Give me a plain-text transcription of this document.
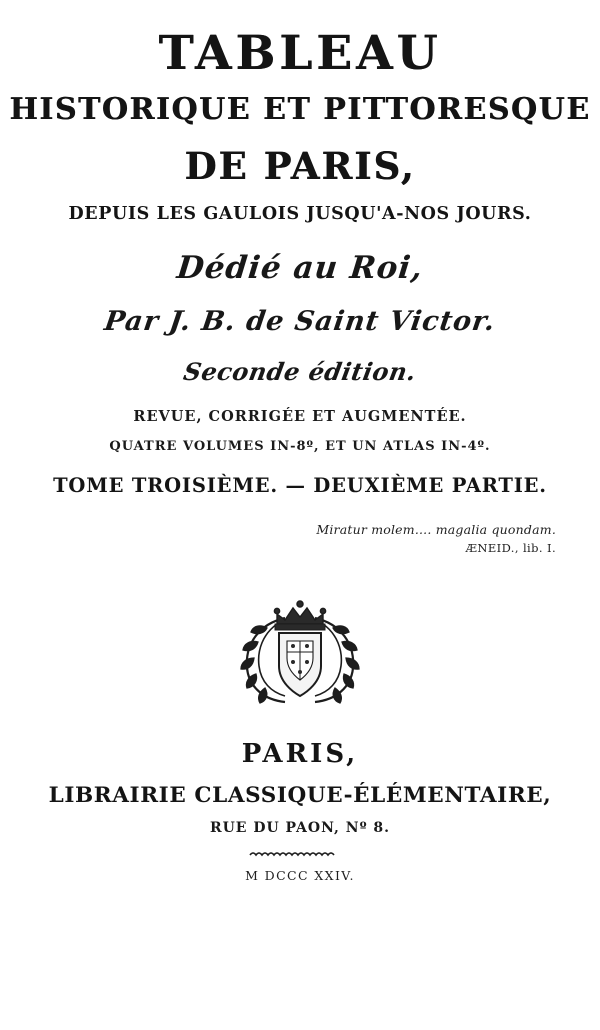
TABLEAU
HISTORIQUE ET PITTORESQUE
DE PARIS,
DEPUIS LES GAULOIS JUSQU'A-NOS JOURS.
Dédié au Roi,
Par J. B. de Saint Victor.
Seconde édition.
REVUE, CORRIGÉE ET AUGMENTÉE.
QUATRE VOLUMES IN-8º, ET UN ATLAS IN-4º.
TOME TROISIÈME. — DEUXIÈME PARTIE.
Miratur molem.... magalia quondam.
ÆNEID., lib. I.
PARIS,
LIBRAIRIE CLASSIQUE-ÉLÉMENTAIRE,
RUE DU PAON, Nº 8.
M DCCC XXIV.
